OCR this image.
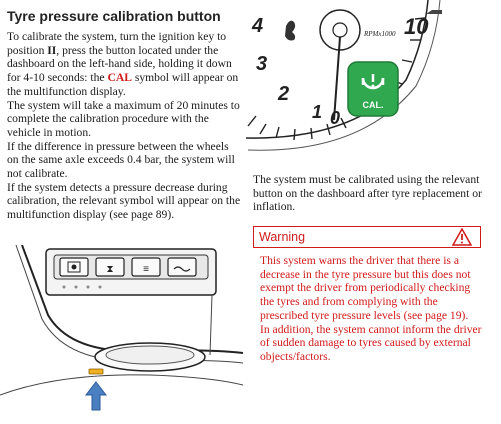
Tyre pressure calibration button

To calibrate the system, turn the ignition key to position II, press the button located under the dashboard on the left-hand side, holding it down for 4-10 seconds: the CAL symbol will appear on the multifunction display.

The system will take a maximum of 20 minutes to complete the calibration procedure with the vehicle in motion.

If the difference in pressure between the wheels on the same axle exceeds 0.4 bar, the system will not calibrate.

If the system detects a pressure decrease during calibration, the relevant symbol will appear on the multifunction display (see page 89).

4
3
2
1 0
10
RPMx1000
CAL.

The system must be calibrated using the relevant button on the dashboard after tyre replacement or inflation.

Warning

This system warns the driver that there is a decrease in the tyre pressure but this does not exempt the driver from periodically checking the tyres and from complying with the prescribed tyre pressure levels (see page 19).

In addition, the system cannot inform the driver of sudden damage to tyres caused by external objects/factors.

⧗	≡
